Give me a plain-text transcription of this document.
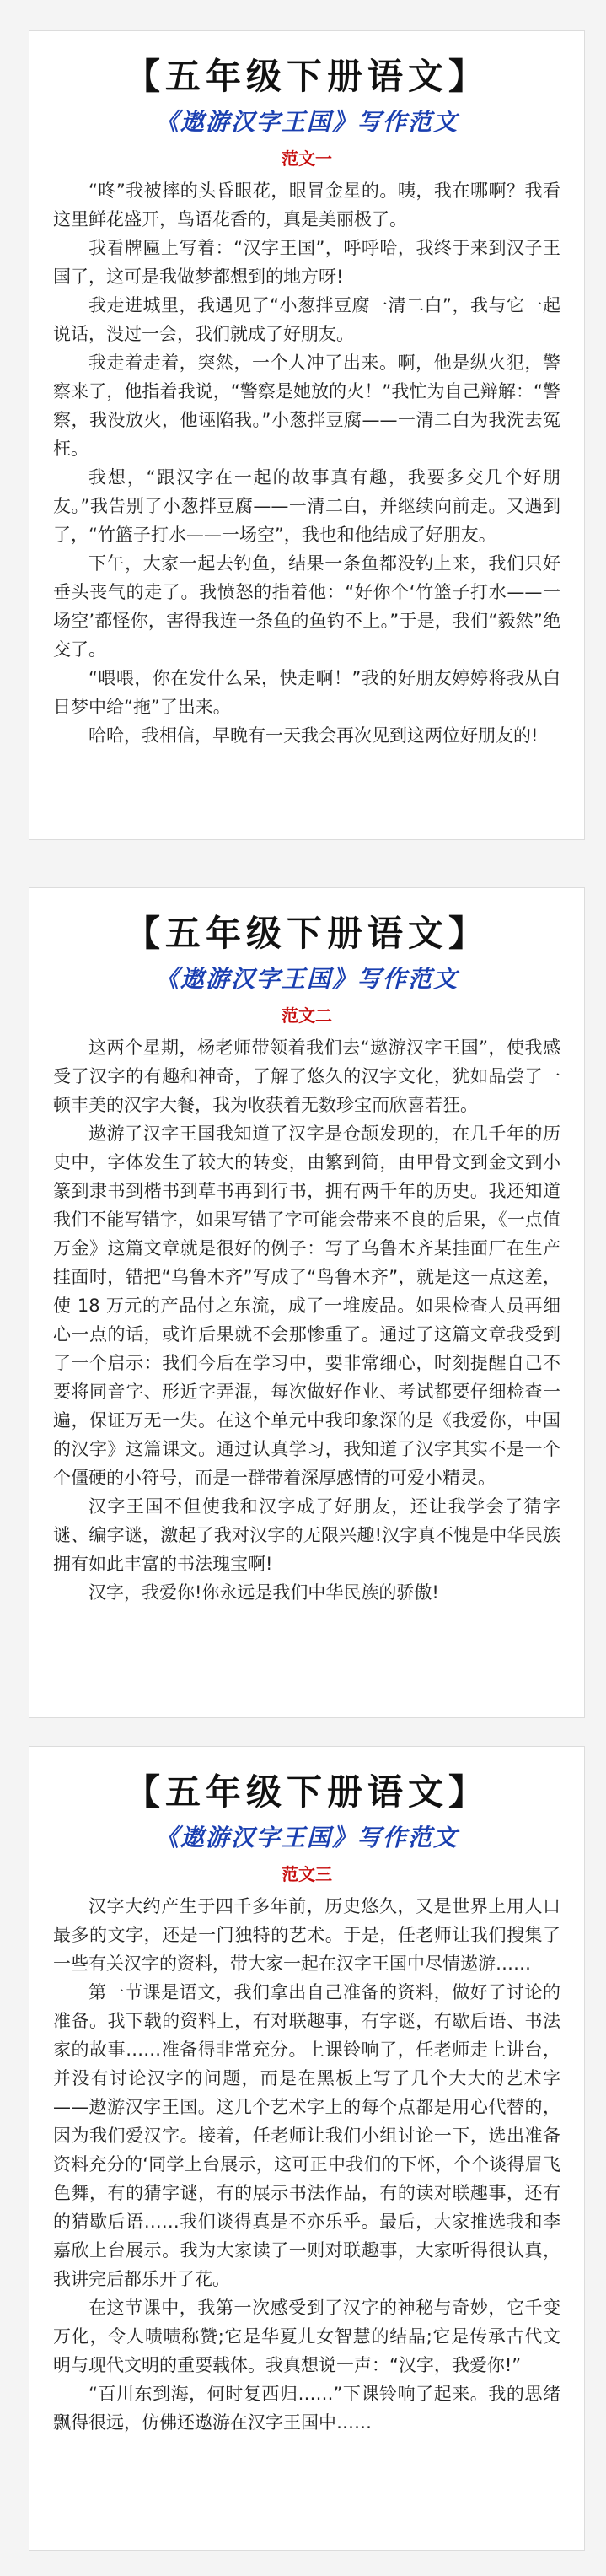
【五年级下册语文】
《遨游汉字王国》写作范文
范文一

“咚”我被摔的头昏眼花，眼冒金星的。咦，我在哪啊？我看这里鲜花盛开，鸟语花香的，真是美丽极了。

我看牌匾上写着：“汉字王国”，呼呼哈，我终于来到汉子王国了，这可是我做梦都想到的地方呀!

我走进城里，我遇见了“小葱拌豆腐一清二白”，我与它一起说话，没过一会，我们就成了好朋友。

我走着走着，突然，一个人冲了出来。啊，他是纵火犯，警察来了，他指着我说，“警察是她放的火！”我忙为自己辩解：“警察，我没放火，他诬陷我。”小葱拌豆腐——一清二白为我洗去冤枉。

我想，“跟汉字在一起的故事真有趣，我要多交几个好朋友。”我告别了小葱拌豆腐——一清二白，并继续向前走。又遇到了，“竹篮子打水——一场空”，我也和他结成了好朋友。

下午，大家一起去钓鱼，结果一条鱼都没钓上来，我们只好垂头丧气的走了。我愤怒的指着他：“好你个‘竹篮子打水——一场空’都怪你，害得我连一条鱼的鱼钓不上。”于是，我们“毅然”绝交了。

“喂喂，你在发什么呆，快走啊！”我的好朋友婷婷将我从白日梦中给“拖”了出来。

哈哈，我相信，早晚有一天我会再次见到这两位好朋友的!

【五年级下册语文】
《遨游汉字王国》写作范文
范文二

这两个星期，杨老师带领着我们去“遨游汉字王国”，使我感受了汉字的有趣和神奇，了解了悠久的汉字文化，犹如品尝了一顿丰美的汉字大餐，我为收获着无数珍宝而欣喜若狂。

遨游了汉字王国我知道了汉字是仓颉发现的，在几千年的历史中，字体发生了较大的转变，由繁到简，由甲骨文到金文到小篆到隶书到楷书到草书再到行书，拥有两千年的历史。我还知道我们不能写错字，如果写错了字可能会带来不良的后果，《一点值万金》这篇文章就是很好的例子：写了乌鲁木齐某挂面厂在生产挂面时，错把“乌鲁木齐”写成了“鸟鲁木齐”，就是这一点这差，使 18 万元的产品付之东流，成了一堆废品。如果检查人员再细心一点的话，或许后果就不会那惨重了。通过了这篇文章我受到了一个启示：我们今后在学习中，要非常细心，时刻提醒自己不要将同音字、形近字弄混，每次做好作业、考试都要仔细检查一遍，保证万无一失。在这个单元中我印象深的是《我爱你，中国的汉字》这篇课文。通过认真学习，我知道了汉字其实不是一个个僵硬的小符号，而是一群带着深厚感情的可爱小精灵。

汉字王国不但使我和汉字成了好朋友，还让我学会了猜字谜、编字谜，激起了我对汉字的无限兴趣!汉字真不愧是中华民族拥有如此丰富的书法瑰宝啊!

汉字，我爱你!你永远是我们中华民族的骄傲!

【五年级下册语文】
《遨游汉字王国》写作范文
范文三

汉字大约产生于四千多年前，历史悠久，又是世界上用人口最多的文字，还是一门独特的艺术。于是，任老师让我们搜集了一些有关汉字的资料，带大家一起在汉字王国中尽情遨游……

第一节课是语文，我们拿出自己准备的资料，做好了讨论的准备。我下载的资料上，有对联趣事，有字谜，有歇后语、书法家的故事……准备得非常充分。上课铃响了，任老师走上讲台，并没有讨论汉字的问题，而是在黑板上写了几个大大的艺术字——遨游汉字王国。这几个艺术字上的每个点都是用心代替的，因为我们爱汉字。接着，任老师让我们小组讨论一下，选出准备资料充分的‘同学上台展示，这可正中我们的下怀，个个谈得眉飞色舞，有的猜字谜，有的展示书法作品，有的读对联趣事，还有的猜歇后语……我们谈得真是不亦乐乎。最后，大家推选我和李嘉欣上台展示。我为大家读了一则对联趣事，大家听得很认真，我讲完后都乐开了花。

在这节课中，我第一次感受到了汉字的神秘与奇妙，它千变万化，令人啧啧称赞;它是华夏儿女智慧的结晶;它是传承古代文明与现代文明的重要载体。我真想说一声：“汉字，我爱你!”

“百川东到海，何时复西归……”下课铃响了起来。我的思绪飘得很远，仿佛还遨游在汉字王国中……
